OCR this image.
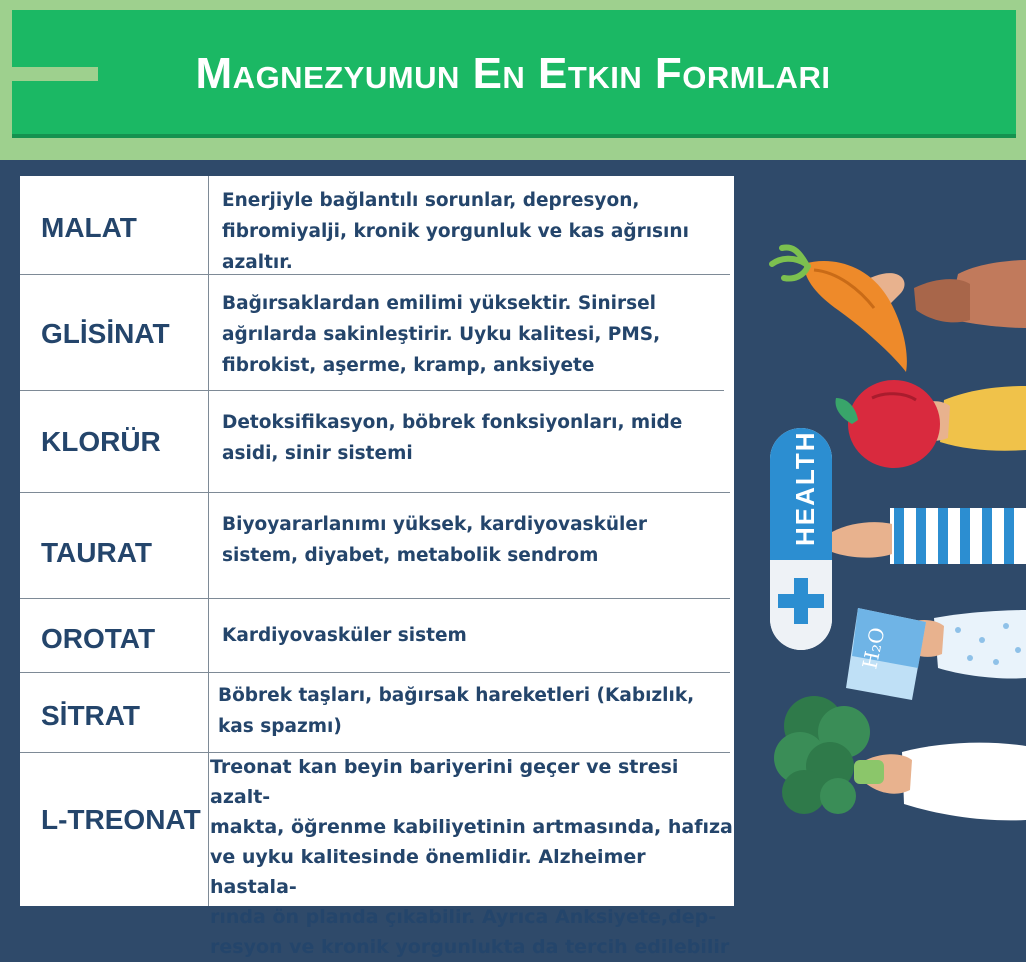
Magnezyumun En Etkin Formları
MALAT
Enerjiyle bağlantılı sorunlar, depresyon,
fibromiyalji, kronik yorgunluk ve kas ağrısını
azaltır.
GLİSİNAT
Bağırsaklardan emilimi yüksektir. Sinirsel
ağrılarda sakinleştirir. Uyku kalitesi, PMS,
fibrokist, aşerme, kramp, anksiyete
KLORÜR
Detoksifikasyon, böbrek fonksiyonları, mide
asidi, sinir sistemi
TAURAT
Biyoyararlanımı yüksek, kardiyovasküler
sistem, diyabet, metabolik sendrom
OROTAT	Kardiyovasküler sistem
SİTRAT
Böbrek taşları, bağırsak hareketleri (Kabızlık,
kas spazmı)
L-TREONAT
Treonat kan beyin bariyerini geçer ve stresi azalt-
makta, öğrenme kabiliyetinin artmasında, hafıza
ve uyku kalitesinde önemlidir. Alzheimer hastala-
rında ön planda çıkabilir. Ayrıca Anksiyete,dep-
resyon ve kronik yorgunlukta da tercih edilebilir
HEALTH
H₂O
